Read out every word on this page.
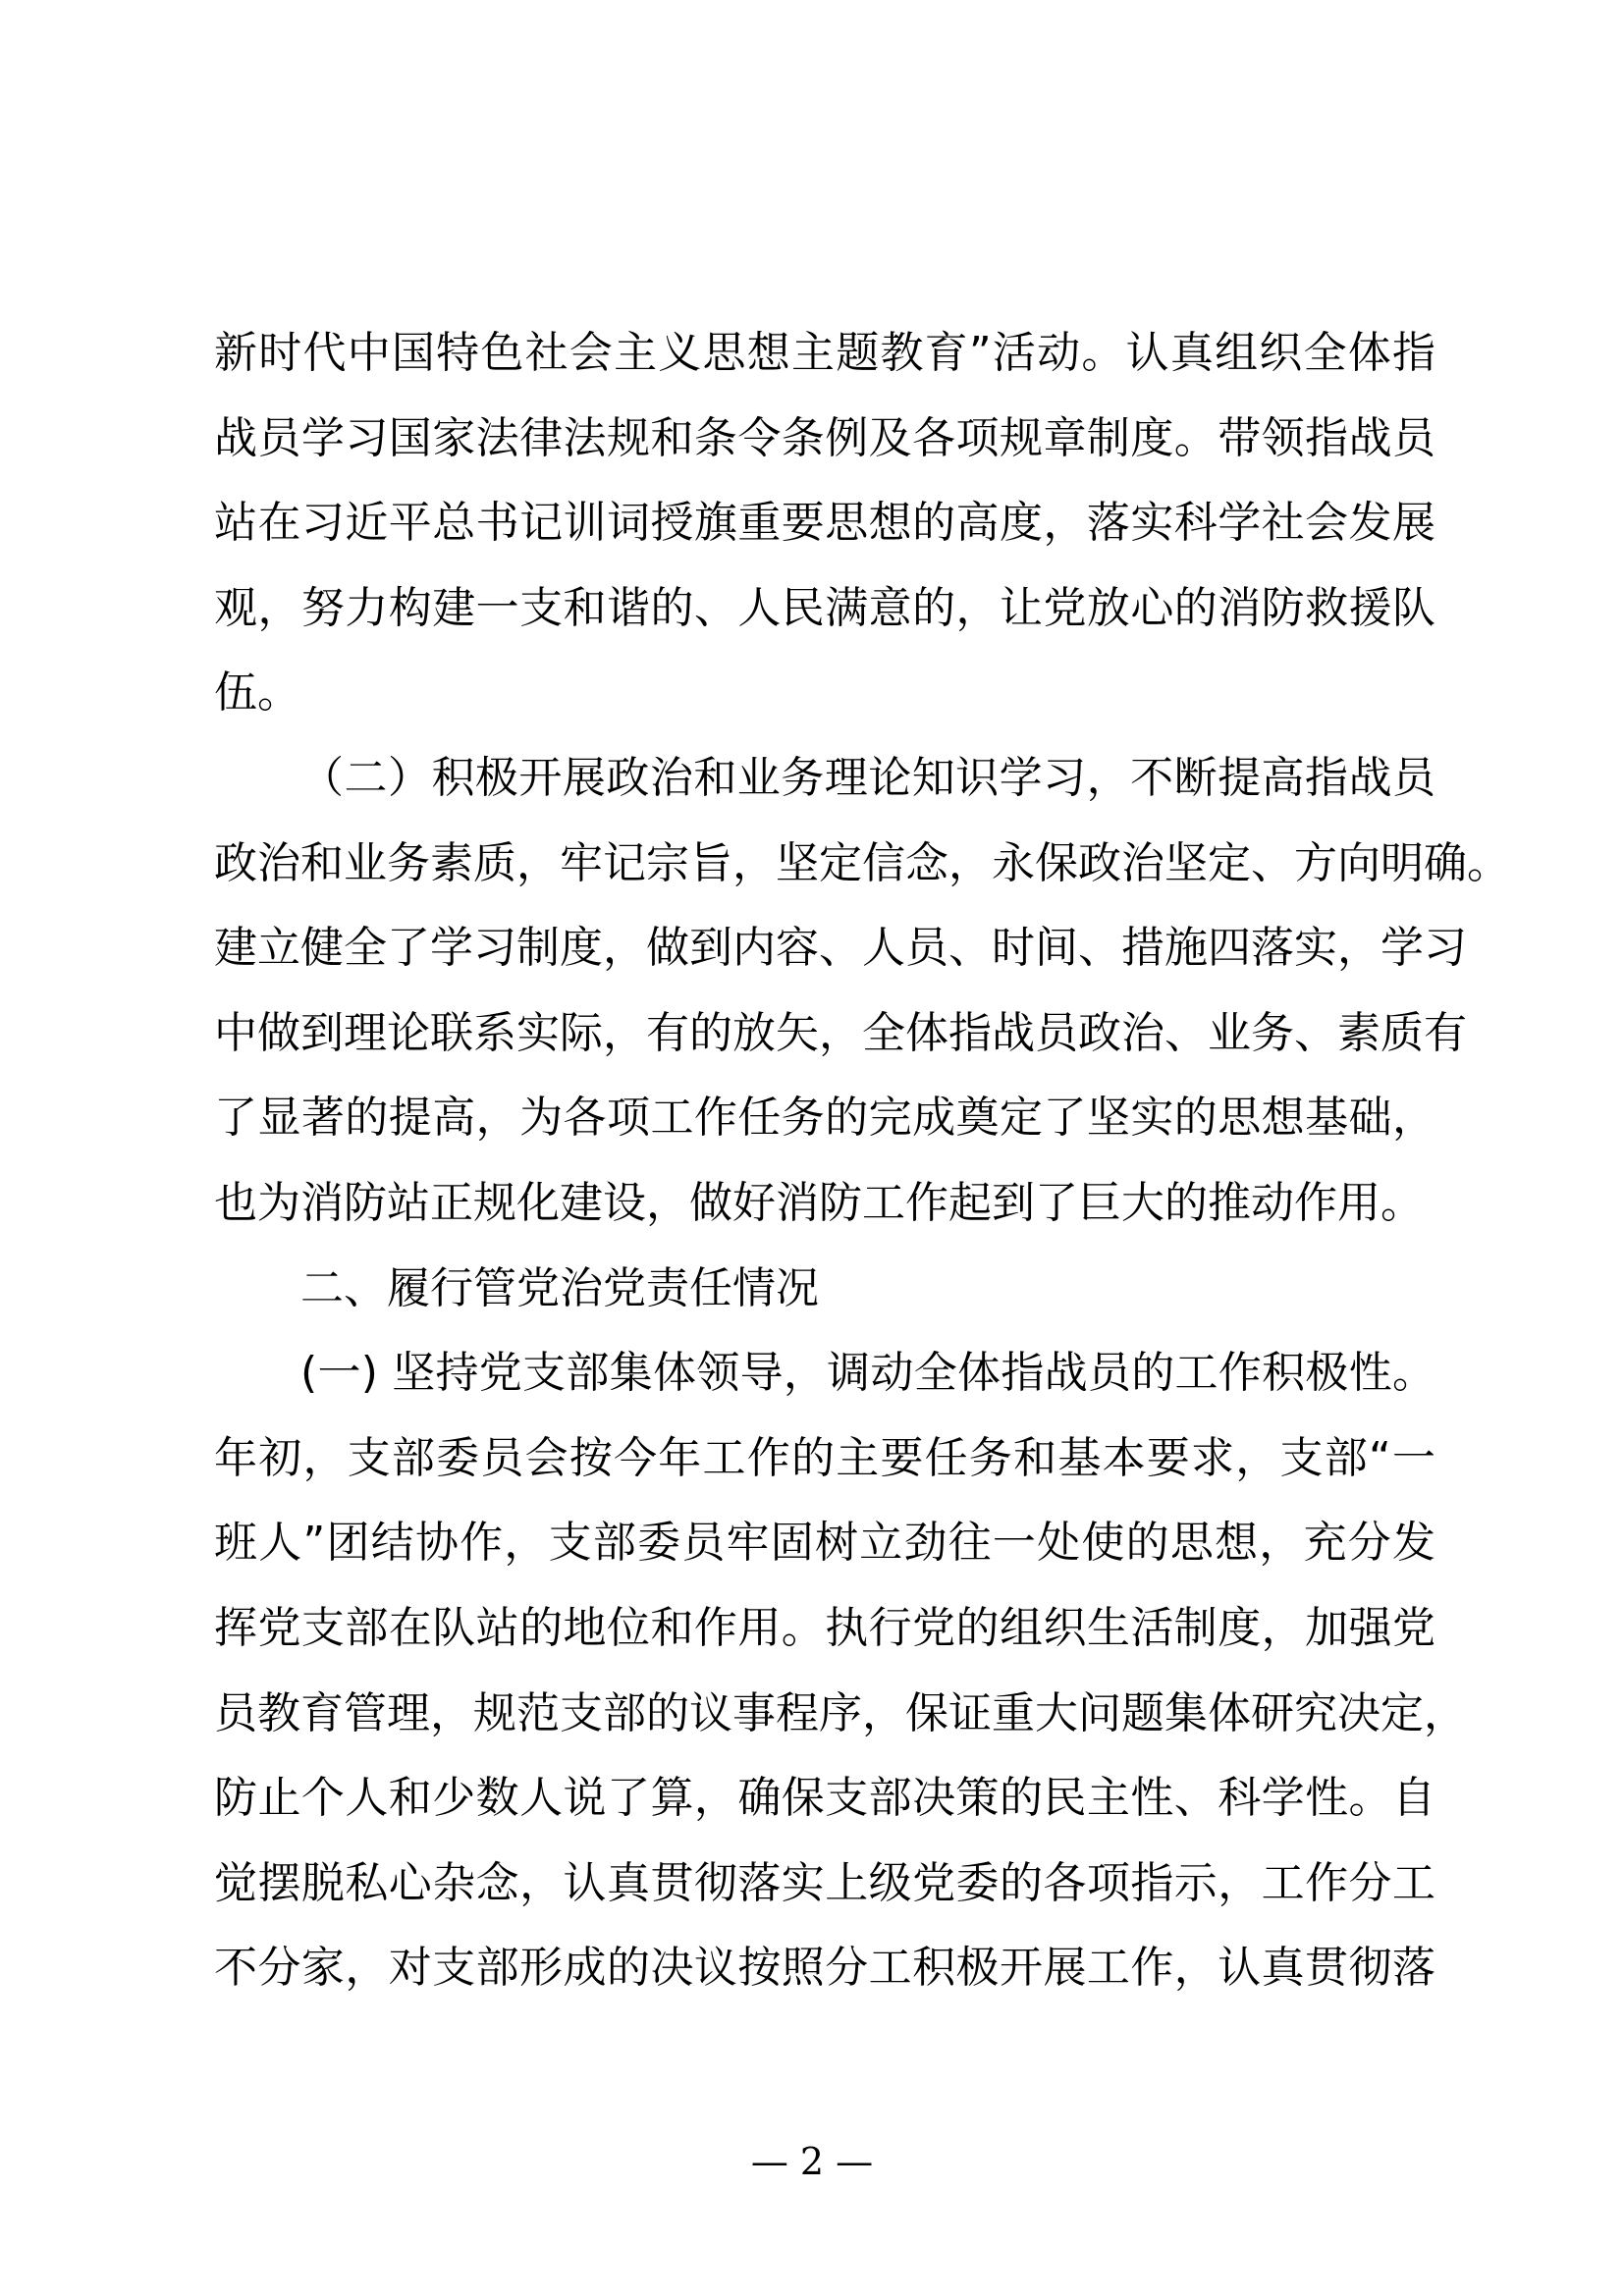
新时代中国特色社会主义思想主题教育”活动。认真组织全体指
战员学习国家法律法规和条令条例及各项规章制度。带领指战员
站在习近平总书记训词授旗重要思想的高度，落实科学社会发展
观，努力构建一支和谐的、人民满意的，让党放心的消防救援队
伍。
（二）积极开展政治和业务理论知识学习，不断提高指战员
政治和业务素质，牢记宗旨，坚定信念，永保政治坚定、方向明确。
建立健全了学习制度，做到内容、人员、时间、措施四落实，学习
中做到理论联系实际，有的放矢，全体指战员政治、业务、素质有
了显著的提高，为各项工作任务的完成奠定了坚实的思想基础，
也为消防站正规化建设，做好消防工作起到了巨大的推动作用。
二、履行管党治党责任情况
(一) 坚持党支部集体领导，调动全体指战员的工作积极性。
年初，支部委员会按今年工作的主要任务和基本要求，支部“一
班人”团结协作，支部委员牢固树立劲往一处使的思想，充分发
挥党支部在队站的地位和作用。执行党的组织生活制度，加强党
员教育管理，规范支部的议事程序，保证重大问题集体研究决定，
防止个人和少数人说了算，确保支部决策的民主性、科学性。自
觉摆脱私心杂念，认真贯彻落实上级党委的各项指示，工作分工
不分家，对支部形成的决议按照分工积极开展工作，认真贯彻落
— 2 —
